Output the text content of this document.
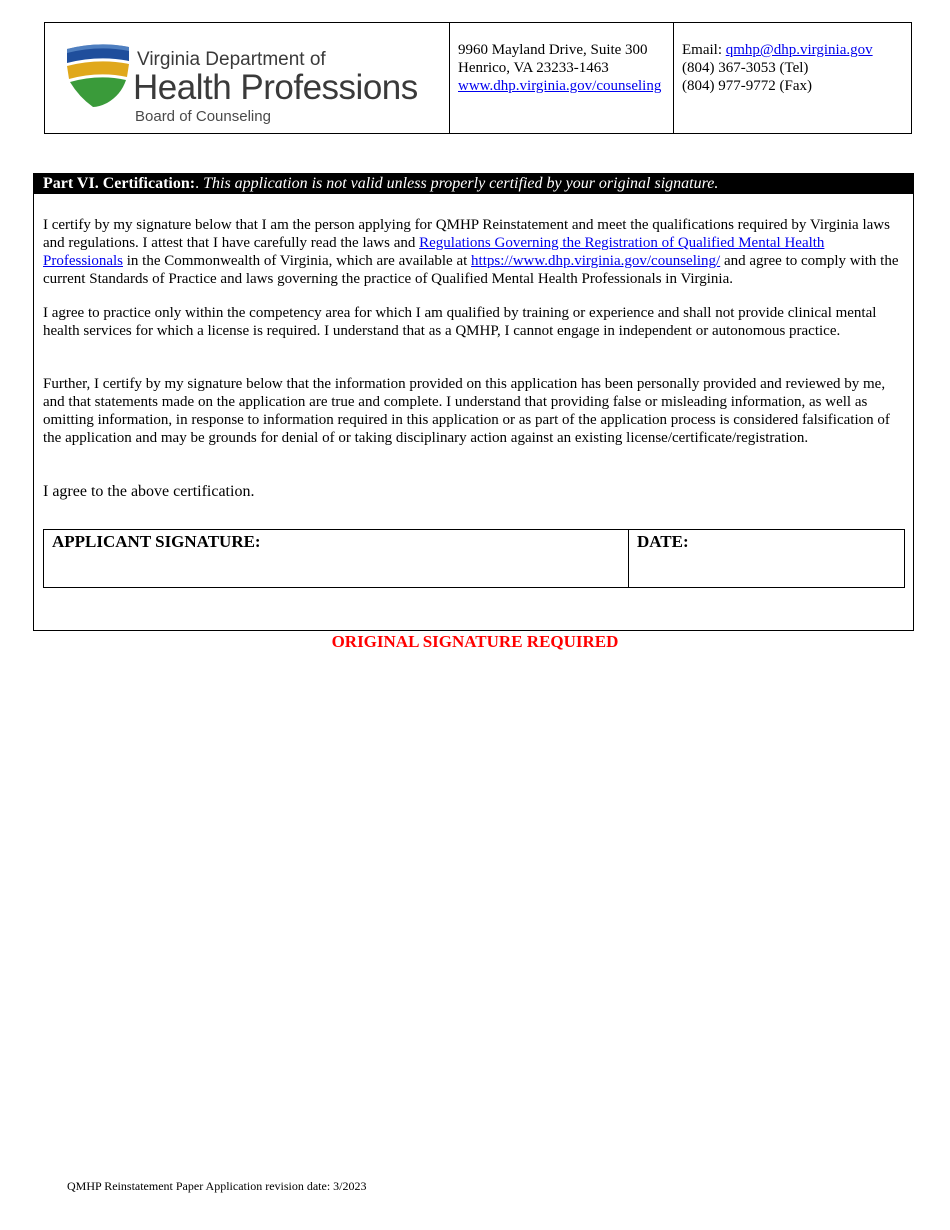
Virginia Department of
Health Professions
Board of Counseling
9960 Mayland Drive, Suite 300
Henrico, VA 23233-1463
www.dhp.virginia.gov/counseling
Email: qmhp@dhp.virginia.gov
(804) 367-3053 (Tel)
(804) 977-9772 (Fax)
Part VI. Certification:. This application is not valid unless properly certified by your original signature.
I certify by my signature below that I am the person applying for QMHP Reinstatement and meet the qualifications required by Virginia laws and regulations. I attest that I have carefully read the laws and Regulations Governing the Registration of Qualified Mental Health Professionals in the Commonwealth of Virginia, which are available at https://www.dhp.virginia.gov/counseling/ and agree to comply with the current Standards of Practice and laws governing the practice of Qualified Mental Health Professionals in Virginia.
I agree to practice only within the competency area for which I am qualified by training or experience and shall not provide clinical mental health services for which a license is required. I understand that as a QMHP, I cannot engage in independent or autonomous practice.
Further, I certify by my signature below that the information provided on this application has been personally provided and reviewed by me, and that statements made on the application are true and complete. I understand that providing false or misleading information, as well as omitting information, in response to information required in this application or as part of the application process is considered falsification of the application and may be grounds for denial of or taking disciplinary action against an existing license/certificate/registration.
I agree to the above certification.
APPLICANT SIGNATURE:	DATE:
ORIGINAL SIGNATURE REQUIRED
QMHP Reinstatement Paper Application revision date: 3/2023
